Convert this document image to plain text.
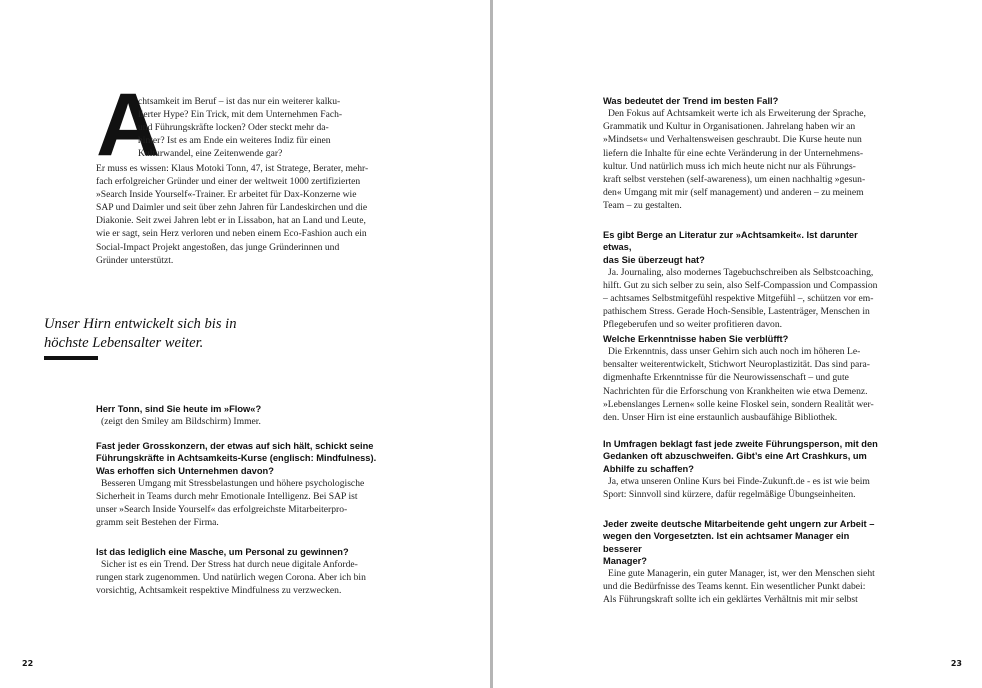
A
chtsamkeit im Beruf – ist das nur ein weiterer kalku-
lierter Hype? Ein Trick, mit dem Unternehmen Fach-
und Führungskräfte locken? Oder steckt mehr da-
hinter? Ist es am Ende ein weiteres Indiz für einen
Kulturwandel, eine Zeitenwende gar?
Er muss es wissen: Klaus Motoki Tonn, 47, ist Stratege, Berater, mehr-
fach erfolgreicher Gründer und einer der weltweit 1000 zertifizierten
»Search Inside Yourself«-Trainer. Er arbeitet für Dax-Konzerne wie
SAP und Daimler und seit über zehn Jahren für Landeskirchen und die
Diakonie. Seit zwei Jahren lebt er in Lissabon, hat an Land und Leute,
wie er sagt, sein Herz verloren und neben einem Eco-Fashion auch ein
Social-Impact Projekt angestoßen, das junge Gründerinnen und
Gründer unterstützt.
Unser Hirn entwickelt sich bis in
höchste Lebensalter weiter.
Herr Tonn, sind Sie heute im »Flow«?
(zeigt den Smiley am Bildschirm) Immer.
Fast jeder Grosskonzern, der etwas auf sich hält, schickt seine
Führungskräfte in Achtsamkeits-Kurse (englisch: Mindfulness).
Was erhoffen sich Unternehmen davon?
Besseren Umgang mit Stressbelastungen und höhere psychologische
Sicherheit in Teams durch mehr Emotionale Intelligenz. Bei SAP ist
unser »Search Inside Yourself« das erfolgreichste Mitarbeiterpro-
gramm seit Bestehen der Firma.
Ist das lediglich eine Masche, um Personal zu gewinnen?
Sicher ist es ein Trend. Der Stress hat durch neue digitale Anforde-
rungen stark zugenommen. Und natürlich wegen Corona. Aber ich bin
vorsichtig, Achtsamkeit respektive Mindfulness zu verzwecken.
22
Was bedeutet der Trend im besten Fall?
Den Fokus auf Achtsamkeit werte ich als Erweiterung der Sprache,
Grammatik und Kultur in Organisationen. Jahrelang haben wir an
»Mindsets« und Verhaltensweisen geschraubt. Die Kurse heute nun
liefern die Inhalte für eine echte Veränderung in der Unternehmens-
kultur. Und natürlich muss ich mich heute nicht nur als Führungs-
kraft selbst verstehen (self-awareness), um einen nachhaltig »gesun-
den« Umgang mit mir (self management) und anderen – zu meinem
Team – zu gestalten.
Es gibt Berge an Literatur zur »Achtsamkeit«. Ist darunter etwas,
das Sie überzeugt hat?
Ja. Journaling, also modernes Tagebuchschreiben als Selbstcoaching,
hilft. Gut zu sich selber zu sein, also Self-Compassion und Compassion
– achtsames Selbstmitgefühl respektive Mitgefühl –, schützen vor em-
pathischem Stress. Gerade Hoch-Sensible, Lastenträger, Menschen in
Pflegeberufen und so weiter profitieren davon.
Welche Erkenntnisse haben Sie verblüfft?
Die Erkenntnis, dass unser Gehirn sich auch noch im höheren Le-
bensalter weiterentwickelt, Stichwort Neuroplastizität. Das sind para-
digmenhafte Erkenntnisse für die Neurowissenschaft – und gute
Nachrichten für die Erforschung von Krankheiten wie etwa Demenz.
»Lebenslanges Lernen« solle keine Floskel sein, sondern Realität wer-
den. Unser Hirn ist eine erstaunlich ausbaufähige Bibliothek.
In Umfragen beklagt fast jede zweite Führungsperson, mit den
Gedanken oft abzuschweifen. Gibt’s eine Art Crashkurs, um
Abhilfe zu schaffen?
Ja, etwa unseren Online Kurs bei Finde-Zukunft.de - es ist wie beim
Sport: Sinnvoll sind kürzere, dafür regelmäßige Übungseinheiten.
Jeder zweite deutsche Mitarbeitende geht ungern zur Arbeit –
wegen den Vorgesetzten. Ist ein achtsamer Manager ein besserer
Manager?
Eine gute Managerin, ein guter Manager, ist, wer den Menschen sieht
und die Bedürfnisse des Teams kennt. Ein wesentlicher Punkt dabei:
Als Führungskraft sollte ich ein geklärtes Verhältnis mit mir selbst
23
